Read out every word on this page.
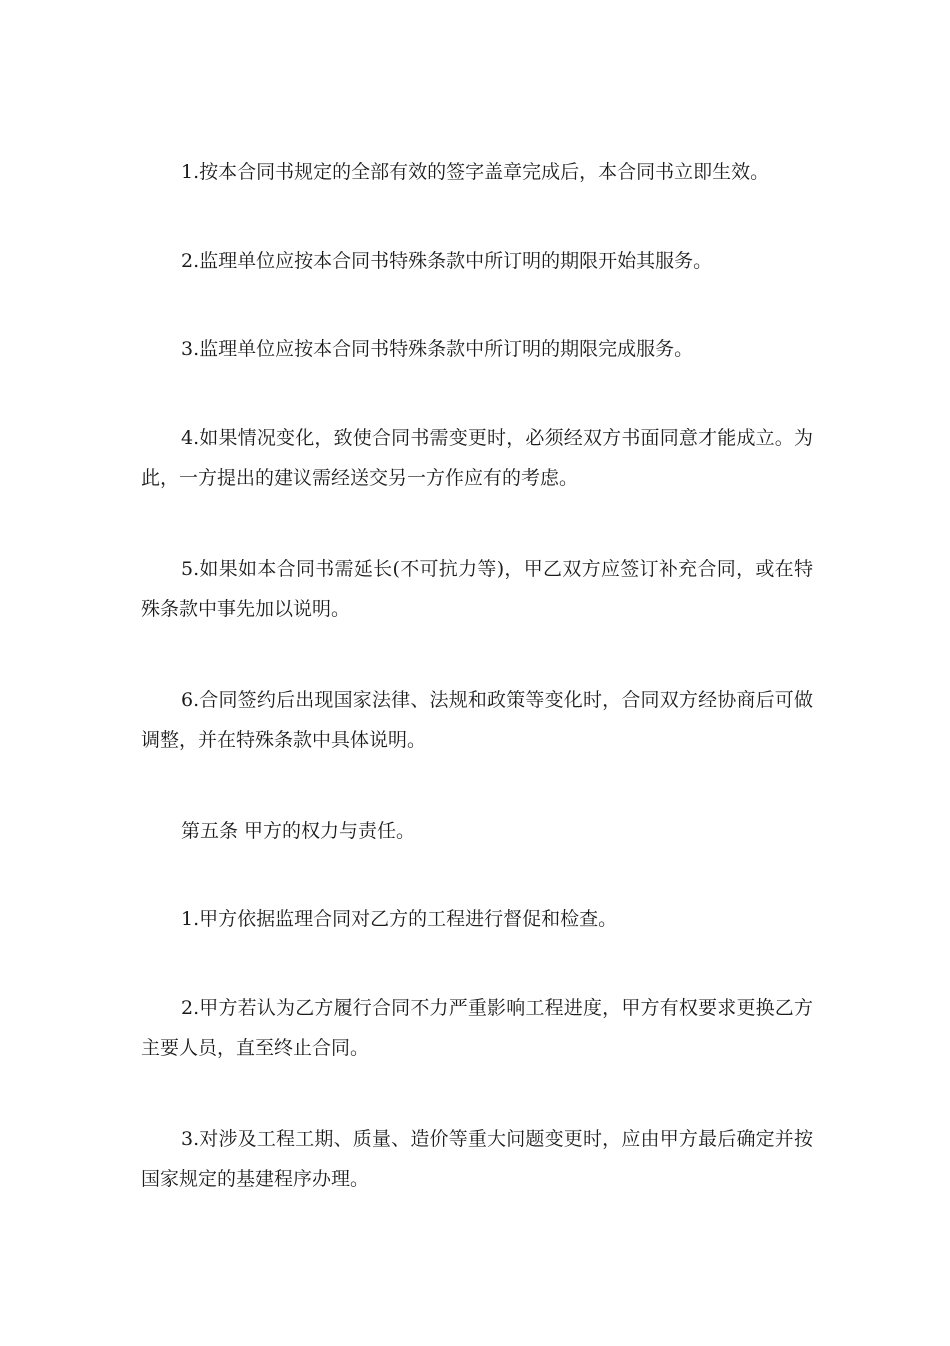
1.按本合同书规定的全部有效的签字盖章完成后，本合同书立即生效。

2.监理单位应按本合同书特殊条款中所订明的期限开始其服务。

3.监理单位应按本合同书特殊条款中所订明的期限完成服务。

4.如果情况变化，致使合同书需变更时，必须经双方书面同意才能成立。为此，一方提出的建议需经送交另一方作应有的考虑。

5.如果如本合同书需延长(不可抗力等)，甲乙双方应签订补充合同，或在特殊条款中事先加以说明。

6.合同签约后出现国家法律、法规和政策等变化时，合同双方经协商后可做调整，并在特殊条款中具体说明。

第五条 甲方的权力与责任。

1.甲方依据监理合同对乙方的工程进行督促和检查。

2.甲方若认为乙方履行合同不力严重影响工程进度，甲方有权要求更换乙方主要人员，直至终止合同。

3.对涉及工程工期、质量、造价等重大问题变更时，应由甲方最后确定并按国家规定的基建程序办理。
